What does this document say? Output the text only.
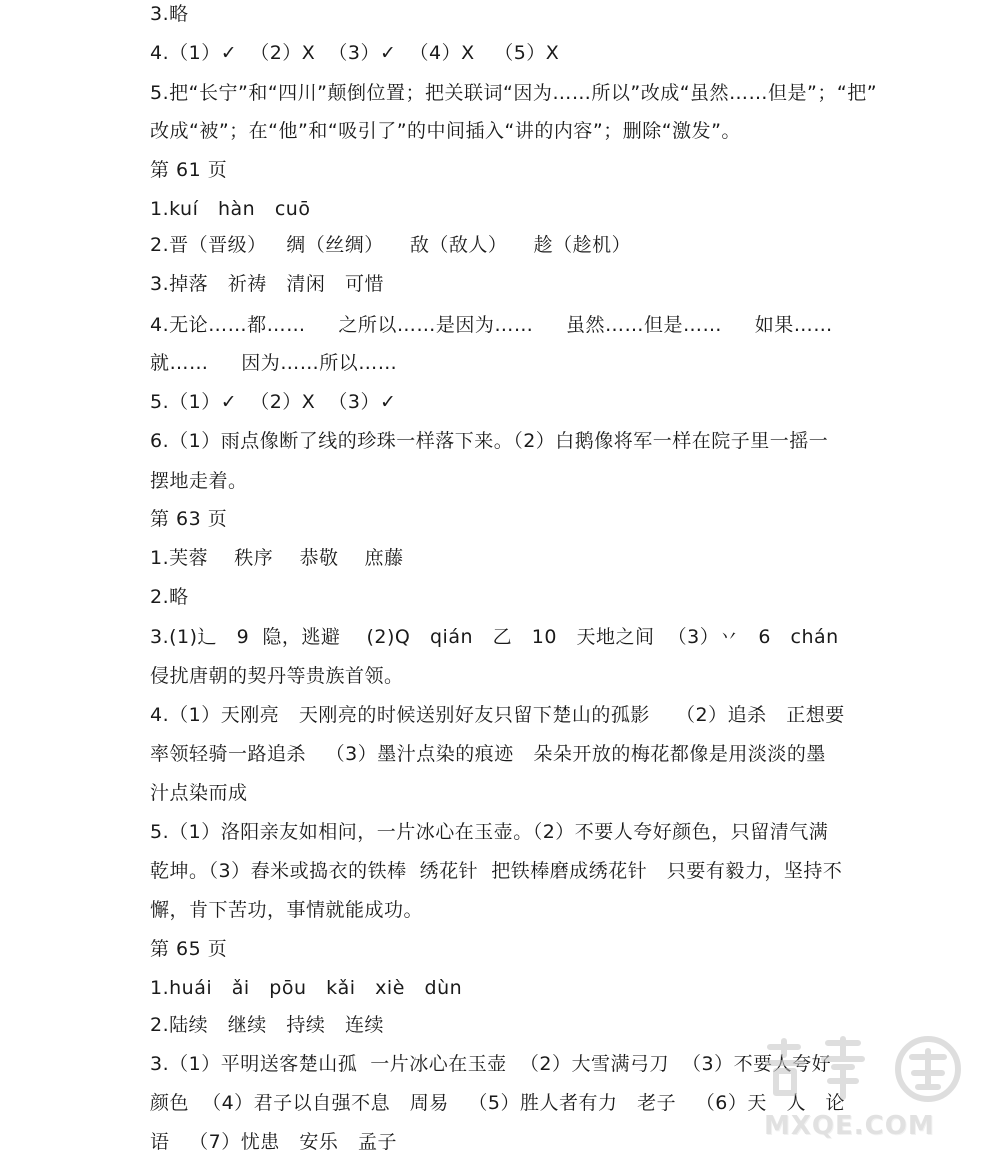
3.略
4.（1）✓  （2）X  （3）✓  （4）X   （5）X
5.把“长宁”和“四川”颠倒位置；把关联词“因为……所以”改成“虽然……但是”；“把”
改成“被”；在“他”和“吸引了”的中间插入“讲的内容”；删除“激发”。
第 61 页
1.kuí   hàn   cuō
2.晋（晋级）   绸（丝绸）    敌（敌人）    趁（趁机）
3.掉落   祈祷   清闲   可惜
4.无论……都……     之所以……是因为……     虽然……但是……     如果……
就……     因为……所以……
5.（1）✓  （2）X  （3）✓
6.（1）雨点像断了线的珍珠一样落下来。（2）白鹅像将军一样在院子里一摇一
摆地走着。
第 63 页
1.芙蓉    秩序    恭敬    庶藤
2.略
3.(1)辶   9  隐，逃避    (2)Q   qián   乙   10   天地之间  （3）丷   6   chán
侵扰唐朝的契丹等贵族首领。
4.（1）天刚亮   天刚亮的时候送别好友只留下楚山的孤影    （2）追杀   正想要
率领轻骑一路追杀   （3）墨汁点染的痕迹   朵朵开放的梅花都像是用淡淡的墨
汁点染而成
5.（1）洛阳亲友如相问，一片冰心在玉壶。（2）不要人夸好颜色，只留清气满
乾坤。（3）舂米或捣衣的铁棒  绣花针  把铁棒磨成绣花针   只要有毅力，坚持不
懈，肯下苦功，事情就能成功。
第 65 页
1.huái   ǎi   pōu   kǎi   xiè   dùn
2.陆续   继续   持续   连续
3.（1）平明送客楚山孤  一片冰心在玉壶  （2）大雪满弓刀  （3）不要人夸好
颜色  （4）君子以自强不息   周易   （5）胜人者有力   老子   （6）天   人   论
语   （7）忧患   安乐   孟子
MXQE.COM
